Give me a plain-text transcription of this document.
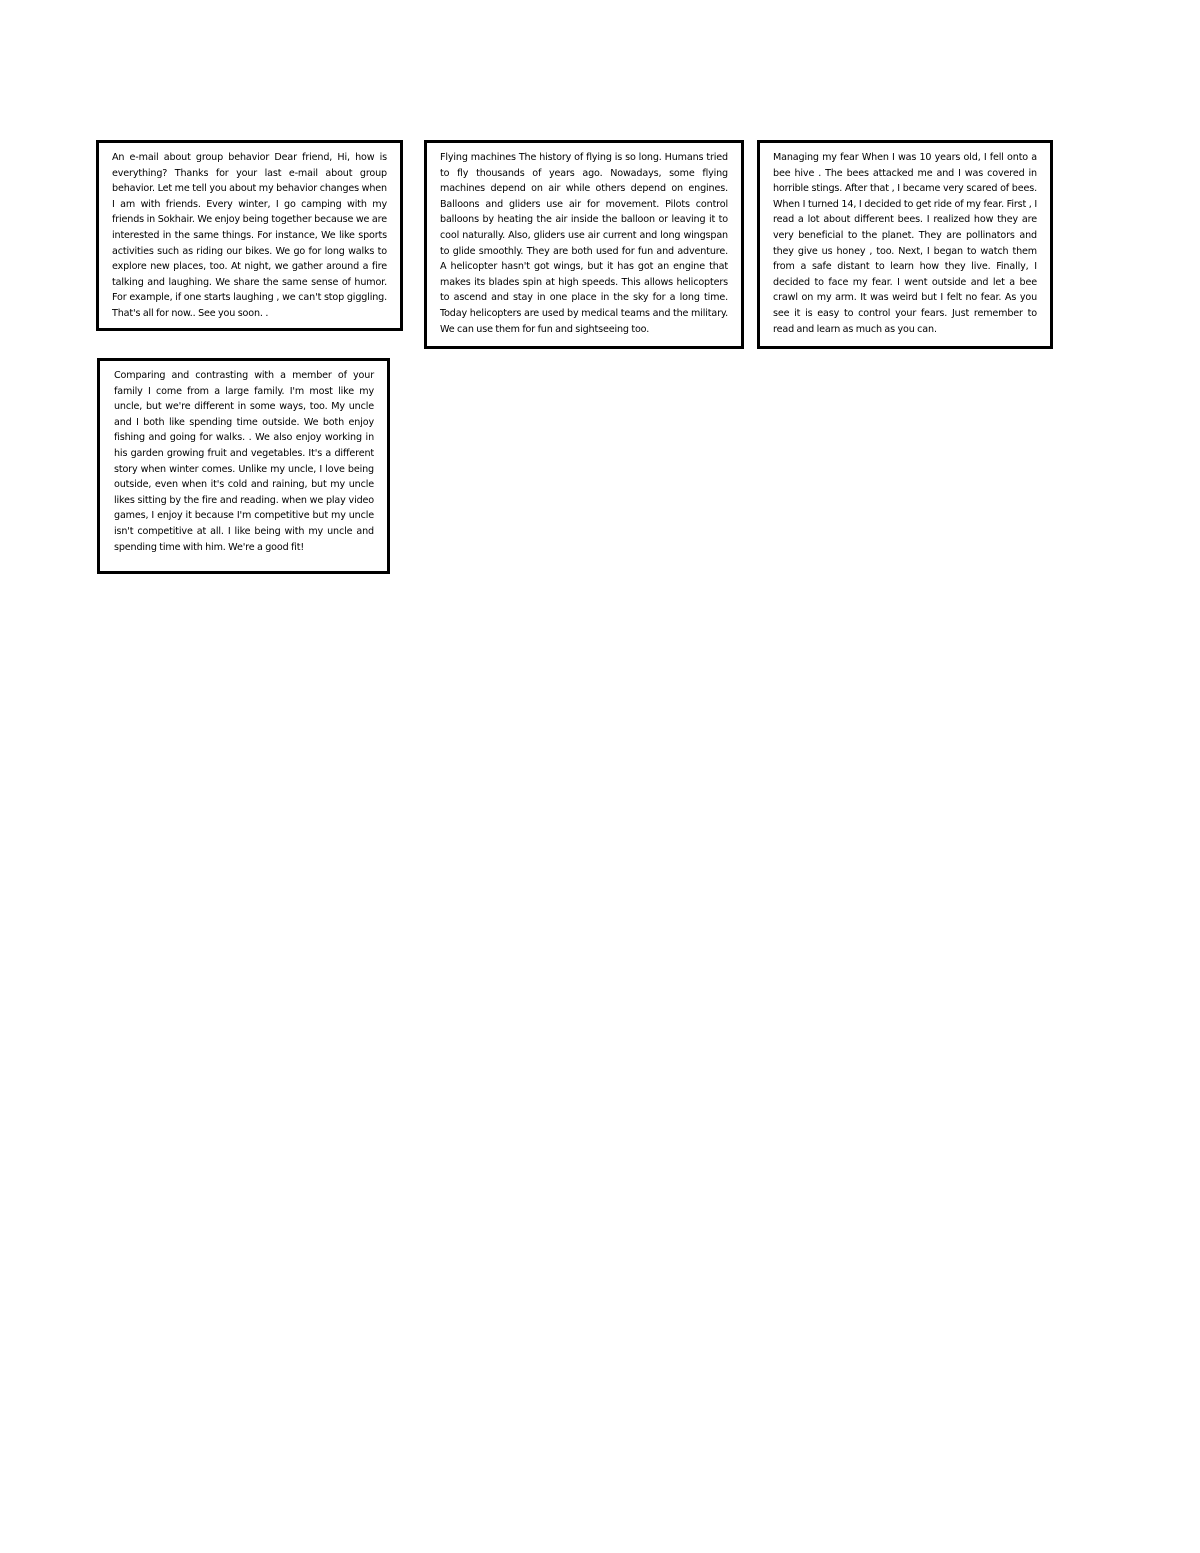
An e-mail about group behavior Dear friend, Hi, how is everything? Thanks for your last e-mail about group behavior. Let me tell you about my behavior changes when I am with friends. Every winter, I go camping with my friends in Sokhair. We enjoy being together because we are interested in the same things. For instance, We like sports activities such as riding our bikes. We go for long walks to explore new places, too. At night, we gather around a fire talking and laughing. We share the same sense of humor. For example, if one starts laughing , we can't stop giggling. That's all for now.. See you soon. .

Flying machines The history of flying is so long. Humans tried to fly thousands of years ago. Nowadays, some flying machines depend on air while others depend on engines. Balloons and gliders use air for movement. Pilots control balloons by heating the air inside the balloon or leaving it to cool naturally. Also, gliders use air current and long wingspan to glide smoothly. They are both used for fun and adventure. A helicopter hasn't got wings, but it has got an engine that makes its blades spin at high speeds. This allows helicopters to ascend and stay in one place in the sky for a long time. Today helicopters are used by medical teams and the military. We can use them for fun and sightseeing too.

Managing my fear When I was 10 years old, I fell onto a bee hive . The bees attacked me and I was covered in horrible stings. After that , I became very scared of bees. When I turned 14, I decided to get ride of my fear. First , I read a lot about different bees. I realized how they are very beneficial to the planet. They are pollinators and they give us honey , too. Next, I began to watch them from a safe distant to learn how they live. Finally, I decided to face my fear. I went outside and let a bee crawl on my arm. It was weird but I felt no fear. As you see it is easy to control your fears. Just remember to read and learn as much as you can.

Comparing and contrasting with a member of your family I come from a large family. I'm most like my uncle, but we're different in some ways, too. My uncle and I both like spending time outside. We both enjoy fishing and going for walks. . We also enjoy working in his garden growing fruit and vegetables. It's a different story when winter comes. Unlike my uncle, I love being outside, even when it's cold and raining, but my uncle likes sitting by the fire and reading. when we play video games, I enjoy it because I'm competitive but my uncle isn't competitive at all. I like being with my uncle and spending time with him. We're a good fit!
